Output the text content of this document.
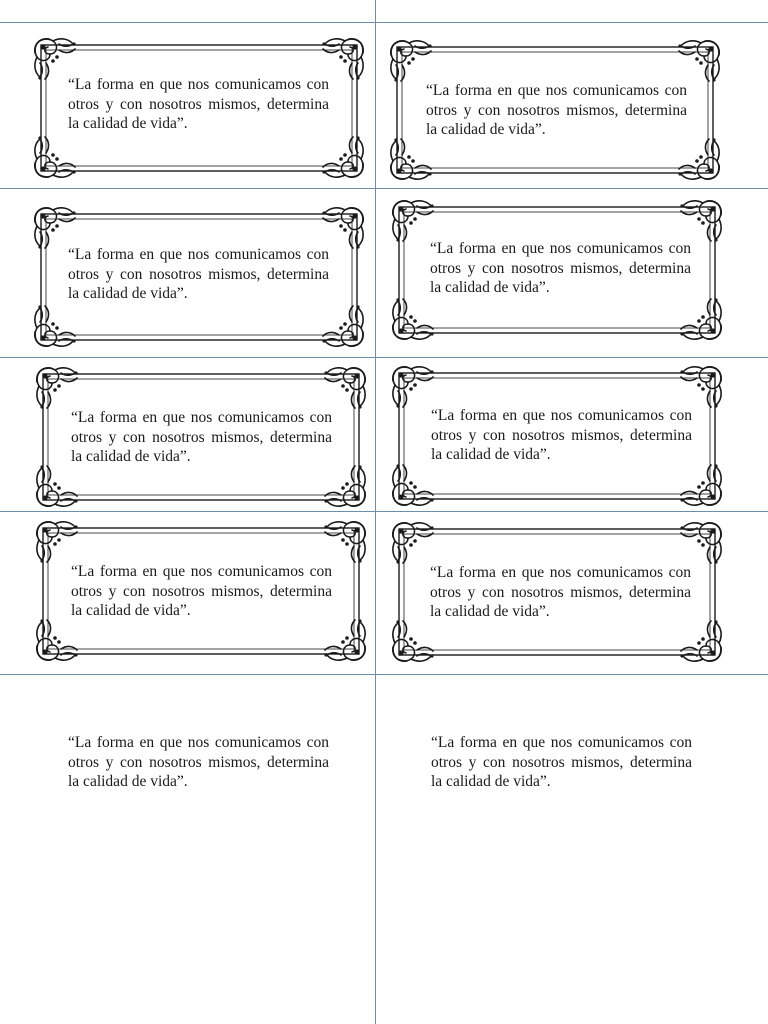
“La forma en que nos comunicamos con otros y con nosotros mismos, determina la calidad de vida”.

“La forma en que nos comunicamos con otros y con nosotros mismos, determina la calidad de vida”.

“La forma en que nos comunicamos con otros y con nosotros mismos, determina la calidad de vida”.

“La forma en que nos comunicamos con otros y con nosotros mismos, determina la calidad de vida”.

“La forma en que nos comunicamos con otros y con nosotros mismos, determina la calidad de vida”.

“La forma en que nos comunicamos con otros y con nosotros mismos, determina la calidad de vida”.

“La forma en que nos comunicamos con otros y con nosotros mismos, determina la calidad de vida”.

“La forma en que nos comunicamos con otros y con nosotros mismos, determina la calidad de vida”.

“La forma en que nos comunicamos con otros y con nosotros mismos, determina la calidad de vida”.

“La forma en que nos comunicamos con otros y con nosotros mismos, determina la calidad de vida”.
